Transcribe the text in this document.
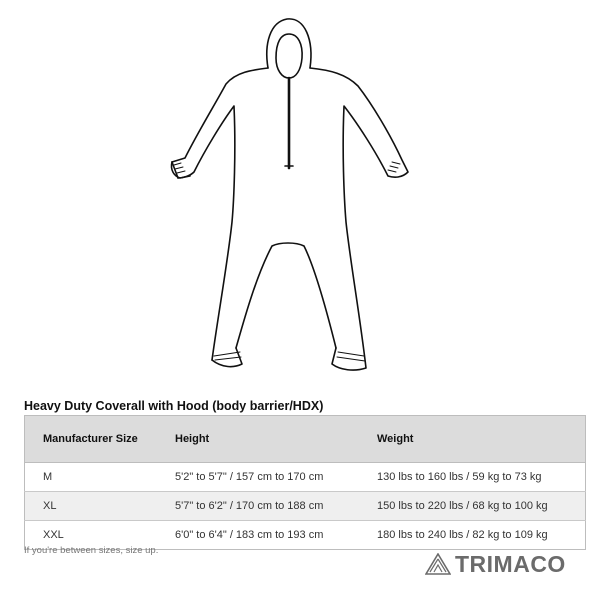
Heavy Duty Coverall with Hood (body barrier/HDX)
Manufacturer Size	Height	Weight
M	5'2" to 5'7" / 157 cm to 170 cm	130 lbs to 160 lbs / 59 kg to 73 kg
XL	5'7" to 6'2" / 170 cm to 188 cm	150 lbs to 220 lbs / 68 kg to 100 kg
XXL	6'0" to 6'4" / 183 cm to 193 cm	180 lbs to 240 lbs / 82 kg to 109 kg

If you're between sizes, size up.

TRIMACO
